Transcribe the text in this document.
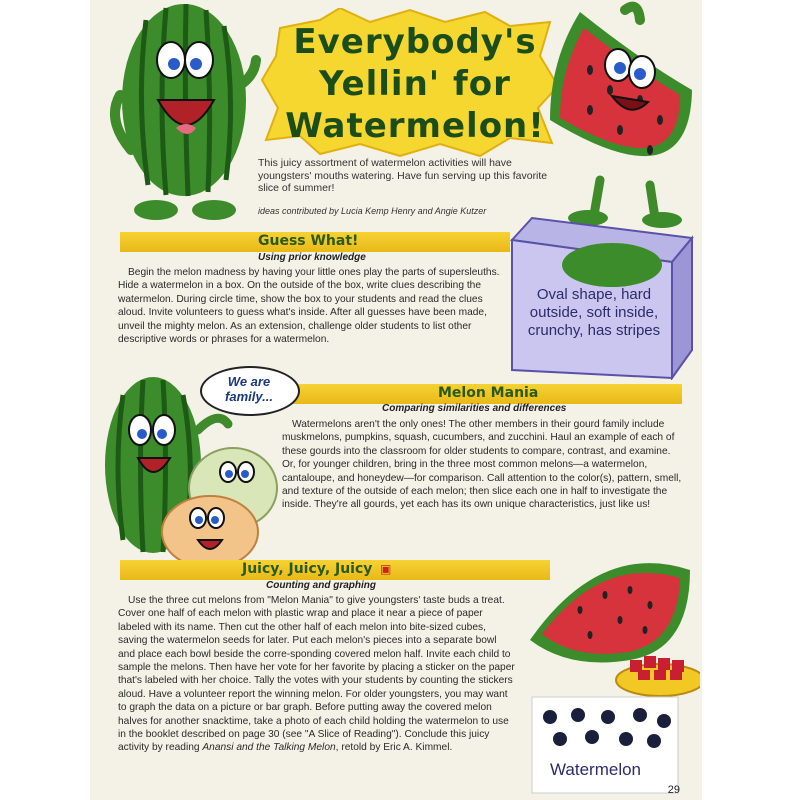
Everybody's
Yellin' for
Watermelon!
This juicy assortment of watermelon activities will have youngsters' mouths watering. Have fun serving up this favorite slice of summer!
ideas contributed by Lucia Kemp Henry and Angie Kutzer
Guess What!
Using prior knowledge
Begin the melon madness by having your little ones play the parts of supersleuths. Hide a watermelon in a box. On the outside of the box, write clues describing the watermelon. During circle time, show the box to your students and read the clues aloud. Invite volunteers to guess what's inside. After all guesses have been made, unveil the mighty melon. As an extension, challenge older students to list other descriptive words or phrases for a watermelon.
Oval shape, hard outside, soft inside, crunchy, has stripes
Melon Mania
Comparing similarities and differences
Watermelons aren't the only ones! The other members in their gourd family include muskmelons, pumpkins, squash, cucumbers, and zucchini. Haul an example of each of these gourds into the classroom for older students to compare, contrast, and examine. Or, for younger children, bring in the three most common melons—a watermelon, cantaloupe, and honeydew—for comparison. Call attention to the color(s), pattern, smell, and texture of the outside of each melon; then slice each one in half to investigate the inside. They're all gourds, yet each has its own unique characteristics, just like us!
We are family...
Juicy, Juicy, Juicy ▣
Counting and graphing
Use the three cut melons from "Melon Mania" to give youngsters' taste buds a treat. Cover one half of each melon with plastic wrap and place it near a piece of paper labeled with its name. Then cut the other half of each melon into bite-sized cubes, saving the watermelon seeds for later. Put each melon's pieces into a separate bowl and place each bowl beside the corre-sponding covered melon half. Invite each child to sample the melons. Then have her vote for her favorite by placing a sticker on the paper that's labeled with her choice. Tally the votes with your students by counting the stickers aloud. Have a volunteer report the winning melon. For older youngsters, you may want to graph the data on a picture or bar graph. Before putting away the covered melon halves for another snacktime, take a photo of each child holding the watermelon to use in the booklet described on page 30 (see "A Slice of Reading"). Conclude this juicy activity by reading Anansi and the Talking Melon, retold by Eric A. Kimmel.
Watermelon
29
